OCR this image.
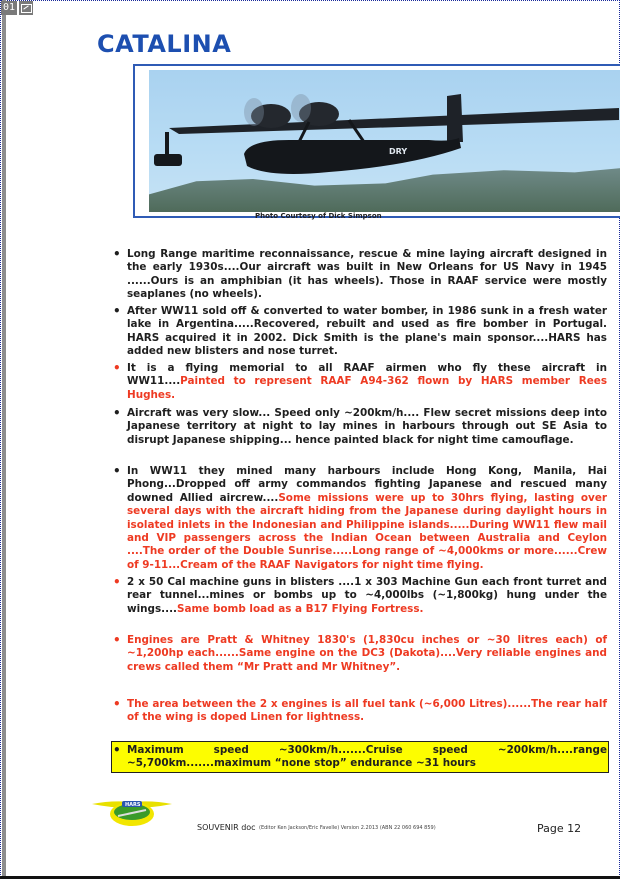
01
CATALINA
DRY
Photo Courtesy of Dick Simpson
• Long Range maritime reconnaissance, rescue & mine laying aircraft designed in the early 1930s....Our aircraft was built in New Orleans for US Navy in 1945 ......Ours is an amphibian (it has wheels). Those in RAAF service were mostly seaplanes (no wheels).
• After WW11 sold off & converted to water bomber, in 1986 sunk in a fresh water lake in Argentina.....Recovered, rebuilt and used as fire bomber in Portugal. HARS acquired it in 2002. Dick Smith is the plane's main sponsor....HARS has added new blisters and nose turret.
• It is a flying memorial to all RAAF airmen who fly these aircraft in WW11....Painted to represent RAAF A94-362 flown by HARS member Rees Hughes.
• Aircraft was very slow... Speed only ~200km/h.... Flew secret missions deep into Japanese territory at night to lay mines in harbours through out SE Asia to disrupt Japanese shipping... hence painted black for night time camouflage.
• In WW11 they mined many harbours include Hong Kong, Manila, Hai Phong...Dropped off army commandos fighting Japanese and rescued many downed Allied aircrew....Some missions were up to 30hrs flying, lasting over several days with the aircraft hiding from the Japanese during daylight hours in isolated inlets in the Indonesian and Philippine islands.....During WW11 flew mail and VIP passengers across the Indian Ocean between Australia and Ceylon ....The order of the Double Sunrise.....Long range of ~4,000kms or more......Crew of 9-11...Cream of the RAAF Navigators for night time flying.
• 2 x 50 Cal machine guns in blisters ....1 x 303 Machine Gun each front turret and rear tunnel...mines or bombs up to ~4,000lbs (~1,800kg) hung under the wings....Same bomb load as a B17 Flying Fortress.
• Engines are Pratt & Whitney 1830's (1,830cu inches or ~30 litres each) of ~1,200hp each......Same engine on the DC3 (Dakota)....Very reliable engines and crews called them “Mr Pratt and Mr Whitney”.
• The area between the 2 x engines is all fuel tank (~6,000 Litres)......The rear half of the wing is doped Linen for lightness.
• Maximum speed ~300km/h.......Cruise speed ~200km/h....range ~5,700km.......maximum “none stop” endurance ~31 hours
HARS
SOUVENIR doc (Editor Ken Jackson/Eric Favelle) Version 2.2013 (ABN 22 060 694 859)	Page 12
